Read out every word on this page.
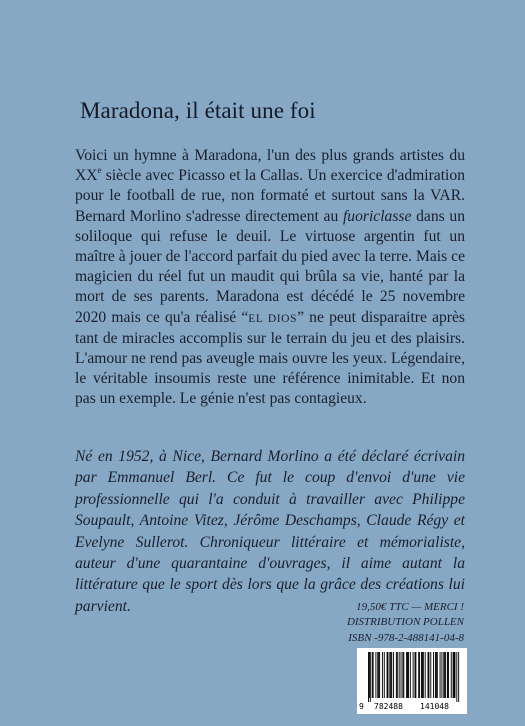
Maradona, il était une foi

Voici un hymne à Maradona, l'un des plus grands artistes du XXe siècle avec Picasso et la Callas. Un exercice d'admiration pour le football de rue, non formaté et surtout sans la VAR. Bernard Morlino s'adresse directement au fuoriclasse dans un soliloque qui refuse le deuil. Le virtuose argentin fut un maître à jouer de l'accord parfait du pied avec la terre. Mais ce magicien du réel fut un maudit qui brûla sa vie, hanté par la mort de ses parents. Maradona est décédé le 25 novembre 2020 mais ce qu'a réalisé “EL DIOS” ne peut disparaitre après tant de miracles accomplis sur le terrain du jeu et des plaisirs. L'amour ne rend pas aveugle mais ouvre les yeux. Légendaire, le véritable insoumis reste une référence inimitable. Et non pas un exemple. Le génie n'est pas contagieux.

Né en 1952, à Nice, Bernard Morlino a été déclaré écrivain par Emmanuel Berl. Ce fut le coup d'envoi d'une vie professionnelle qui l'a conduit à travailler avec Philippe Soupault, Antoine Vitez, Jérôme Deschamps, Claude Régy et Evelyne Sullerot. Chroniqueur littéraire et mémorialiste, auteur d'une quarantaine d'ouvrages, il aime autant la littérature que le sport dès lors que la grâce des créations lui parvient.	19,50€ TTC — MERCI !
DISTRIBUTION POLLEN
ISBN -978-2-488141-04-8
9 782488 141048
